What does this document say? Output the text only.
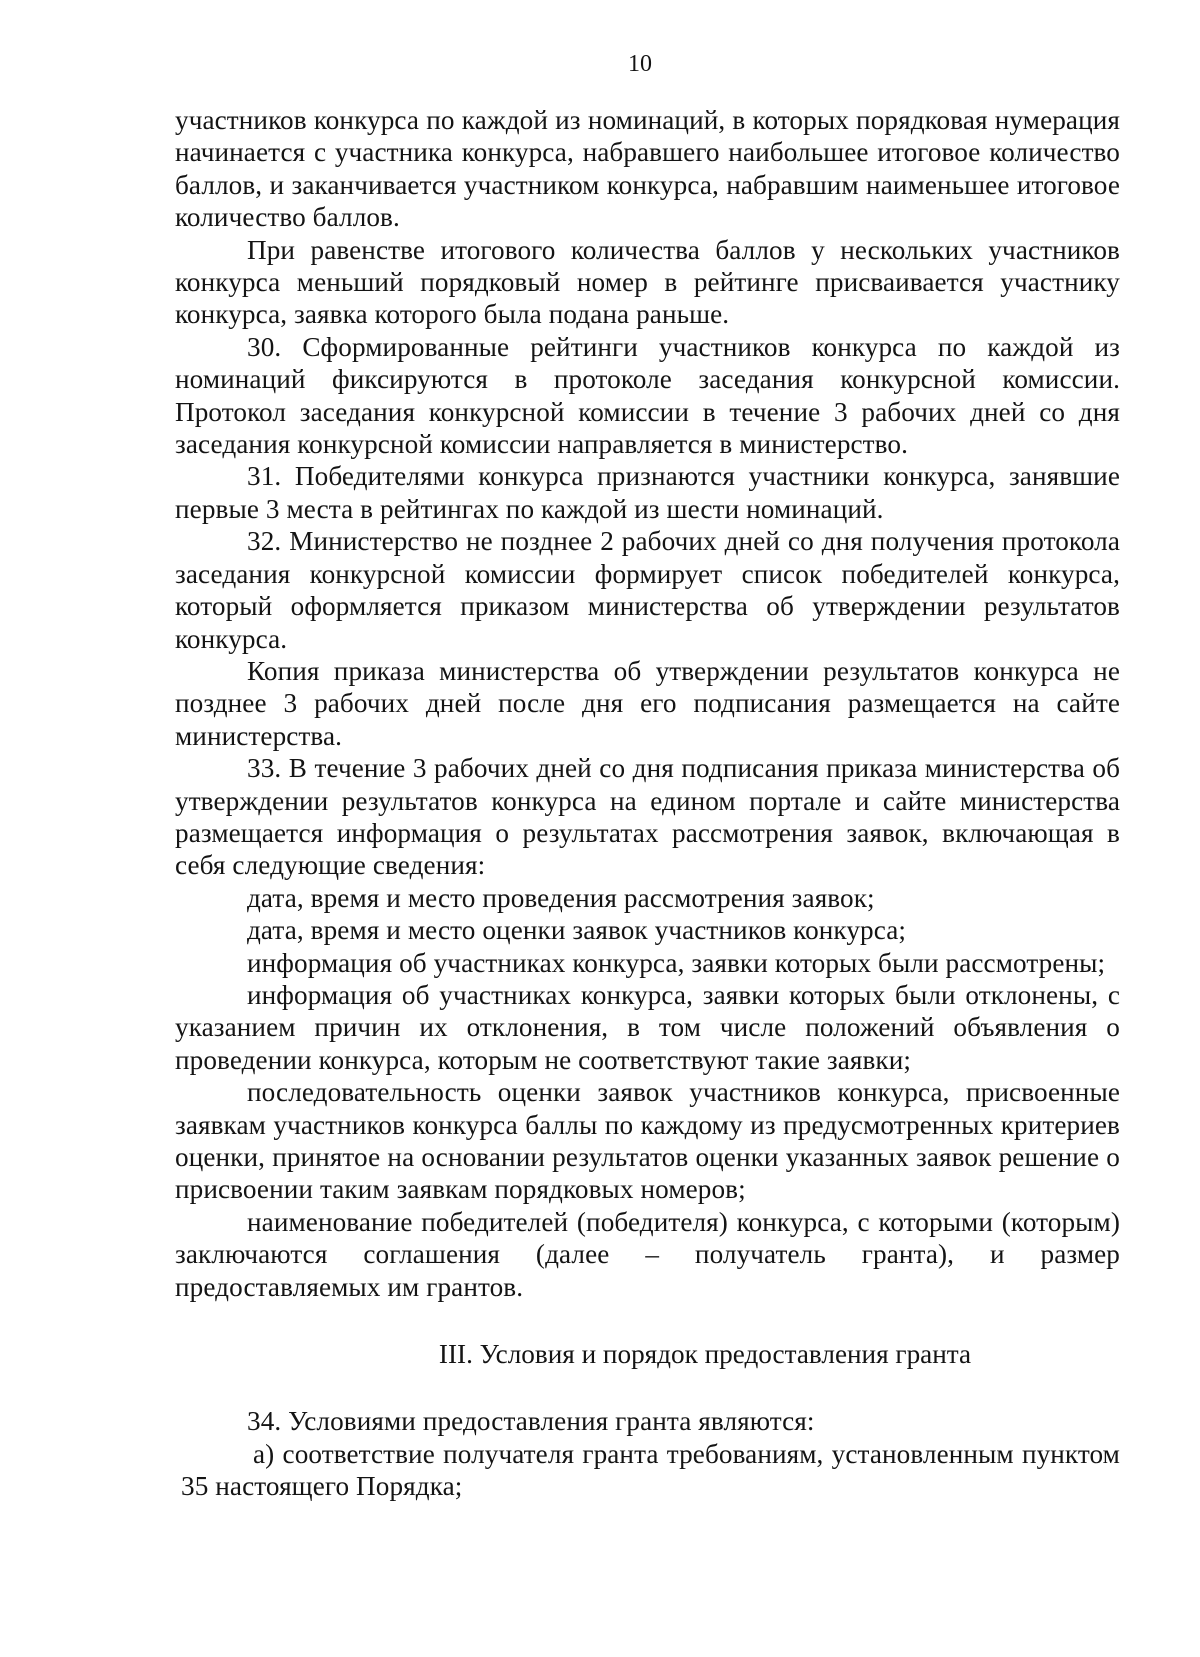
10

участников конкурса по каждой из номинаций, в которых порядковая нумерация начинается с участника конкурса, набравшего наибольшее итоговое количество баллов, и заканчивается участником конкурса, набравшим наименьшее итоговое количество баллов.

При равенстве итогового количества баллов у нескольких участников конкурса меньший порядковый номер в рейтинге присваивается участнику конкурса, заявка которого была подана раньше.

30. Сформированные рейтинги участников конкурса по каждой из номинаций фиксируются в протоколе заседания конкурсной комиссии. Протокол заседания конкурсной комиссии в течение 3 рабочих дней со дня заседания конкурсной комиссии направляется в министерство.

31. Победителями конкурса признаются участники конкурса, занявшие первые 3 места в рейтингах по каждой из шести номинаций.

32. Министерство не позднее 2 рабочих дней со дня получения протокола заседания конкурсной комиссии формирует список победителей конкурса, который оформляется приказом министерства об утверждении результатов конкурса.

Копия приказа министерства об утверждении результатов конкурса не позднее 3 рабочих дней после дня его подписания размещается на сайте министерства.

33. В течение 3 рабочих дней со дня подписания приказа министерства об утверждении результатов конкурса на едином портале и сайте министерства размещается информация о результатах рассмотрения заявок, включающая в себя следующие сведения:

дата, время и место проведения рассмотрения заявок;

дата, время и место оценки заявок участников конкурса;

информация об участниках конкурса, заявки которых были рассмотрены;

информация об участниках конкурса, заявки которых были отклонены, с указанием причин их отклонения, в том числе положений объявления о проведении конкурса, которым не соответствуют такие заявки;

последовательность оценки заявок участников конкурса, присвоенные заявкам участников конкурса баллы по каждому из предусмотренных критериев оценки, принятое на основании результатов оценки указанных заявок решение о присвоении таким заявкам порядковых номеров;

наименование победителей (победителя) конкурса, с которыми (которым) заключаются соглашения (далее – получатель гранта), и размер предоставляемых им грантов.

III. Условия и порядок предоставления гранта

34. Условиями предоставления гранта являются:

а) соответствие получателя гранта требованиям, установленным пунктом 35 настоящего Порядка;
